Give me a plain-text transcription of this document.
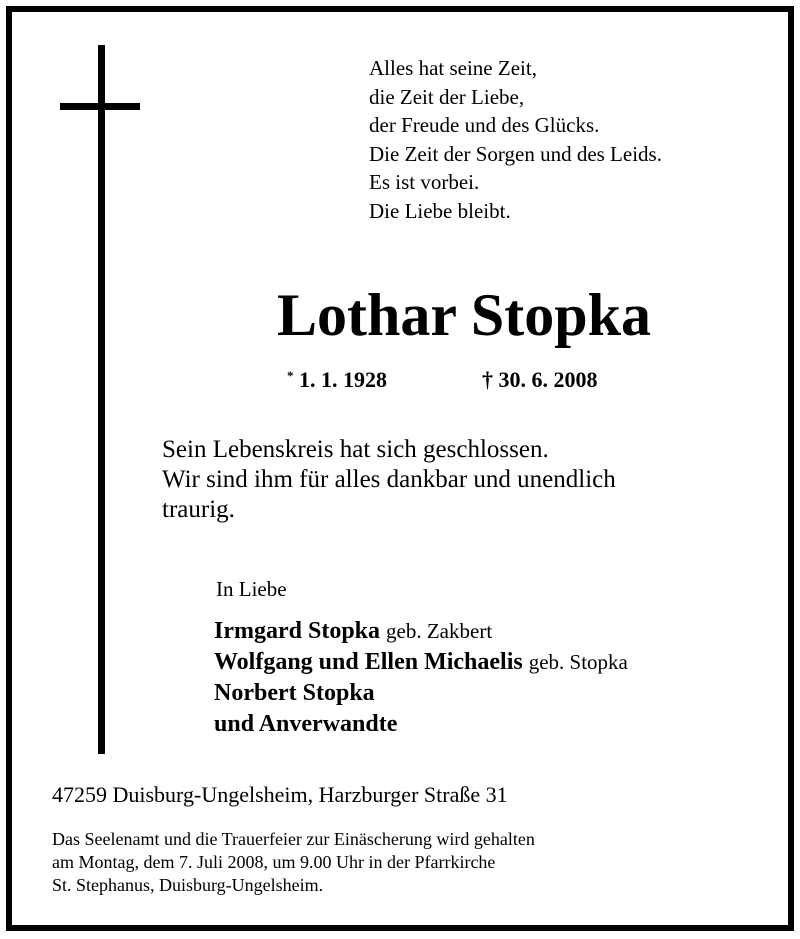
Alles hat seine Zeit,
die Zeit der Liebe,
der Freude und des Glücks.
Die Zeit der Sorgen und des Leids.
Es ist vorbei.
Die Liebe bleibt.
Lothar Stopka
* 1. 1. 1928	† 30. 6. 2008
Sein Lebenskreis hat sich geschlossen.
Wir sind ihm für alles dankbar und unendlich
traurig.
In Liebe
Irmgard Stopka geb. Zakbert
Wolfgang und Ellen Michaelis geb. Stopka
Norbert Stopka
und Anverwandte
47259 Duisburg-Ungelsheim, Harzburger Straße 31
Das Seelenamt und die Trauerfeier zur Einäscherung wird gehalten
am Montag, dem 7. Juli 2008, um 9.00 Uhr in der Pfarrkirche
St. Stephanus, Duisburg-Ungelsheim.
